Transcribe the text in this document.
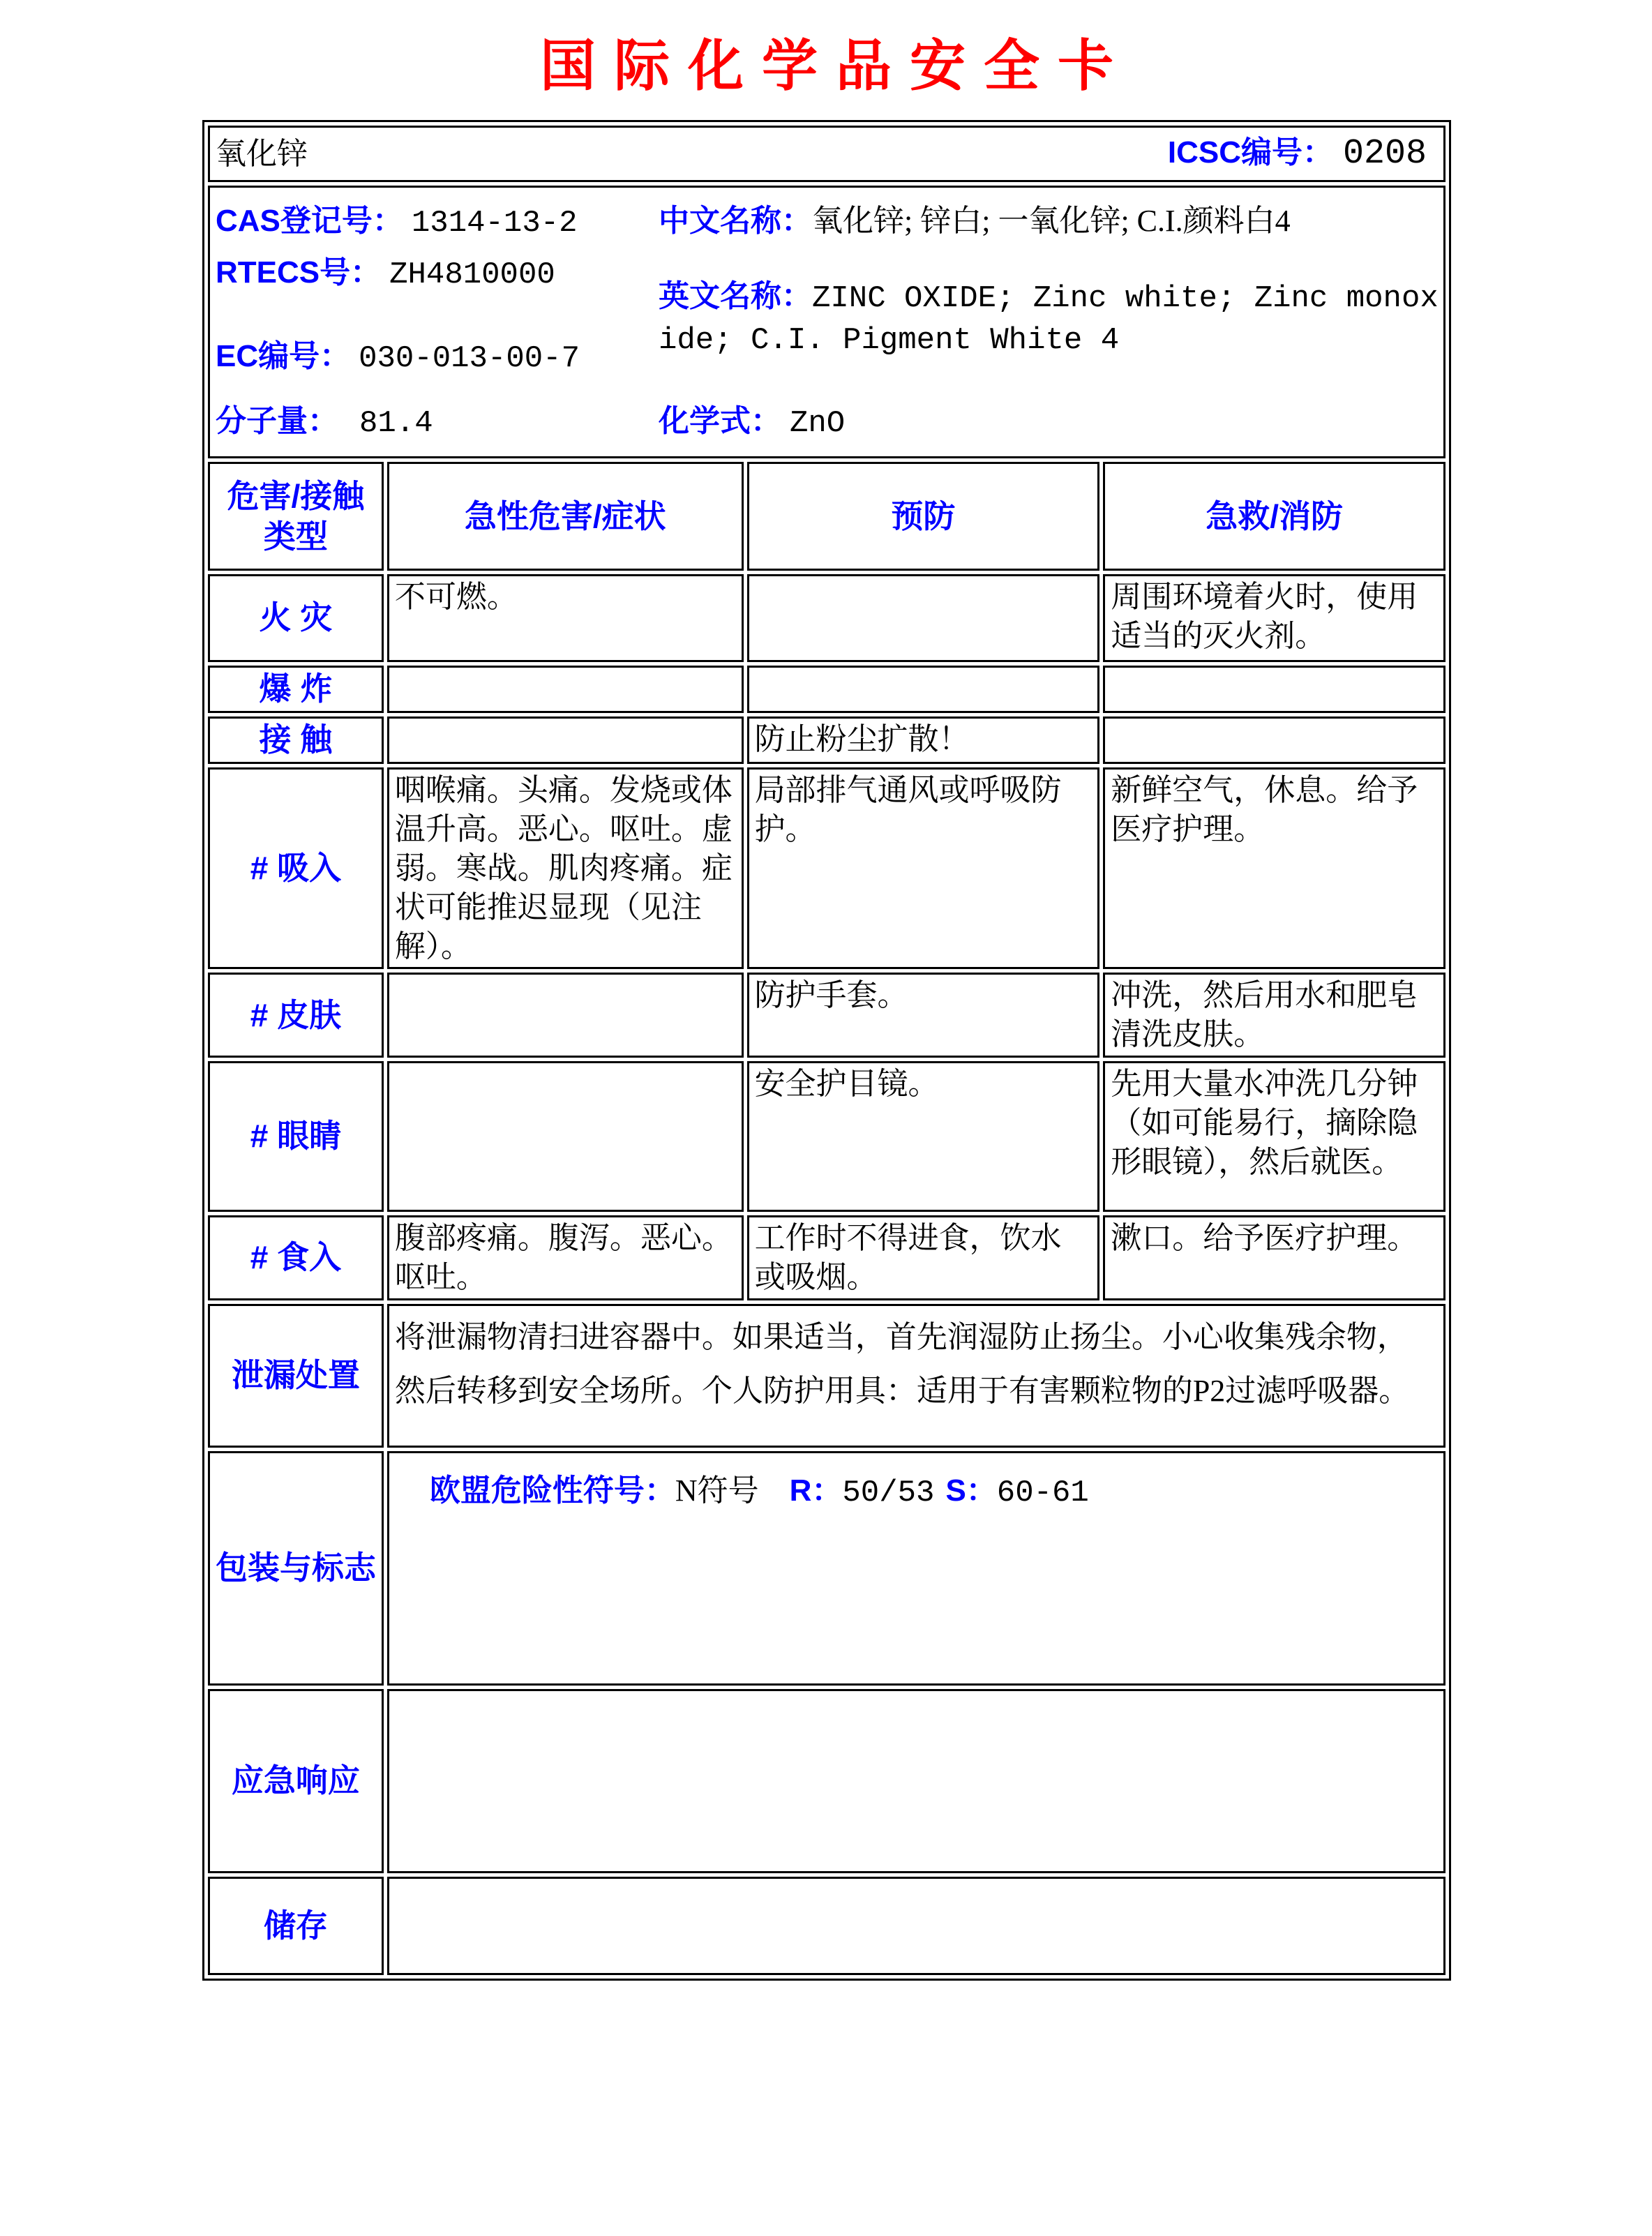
国际化学品安全卡
氧化锌 ICSC编号： 0208			

CAS登记号： 1314-13-2
RTECS号： ZH4810000
EC编号： 030-013-00-7
中文名称：氧化锌; 锌白; 一氧化锌; C.I.颜料白4
英文名称：ZINC OXIDE; Zinc white; Zinc monoxide; C.I. Pigment White 4
分子量： 81.4	化学式： ZnO

危害/接触
类型	急性危害/症状	预防	急救/消防
火 灾	不可燃。		周围环境着火时，使用适当的灭火剂。
爆 炸			
接 触		防止粉尘扩散！	
# 吸入	咽喉痛。头痛。发烧或体温升高。恶心。呕吐。虚弱。寒战。肌肉疼痛。症状可能推迟显现（见注解）。	局部排气通风或呼吸防护。	新鲜空气，休息。给予医疗护理。
# 皮肤		防护手套。	冲洗，然后用水和肥皂清洗皮肤。
# 眼睛		安全护目镜。	先用大量水冲洗几分钟（如可能易行，摘除隐形眼镜），然后就医。
# 食入	腹部疼痛。腹泻。恶心。呕吐。	工作时不得进食，饮水或吸烟。	漱口。给予医疗护理。
泄漏处置	将泄漏物清扫进容器中。如果适当，首先润湿防止扬尘。小心收集残余物，然后转移到安全场所。个人防护用具：适用于有害颗粒物的P2过滤呼吸器。		
包装与标志	欧盟危险性符号：N符号 R：50/53 S：60-61		
应急响应			
储存			
